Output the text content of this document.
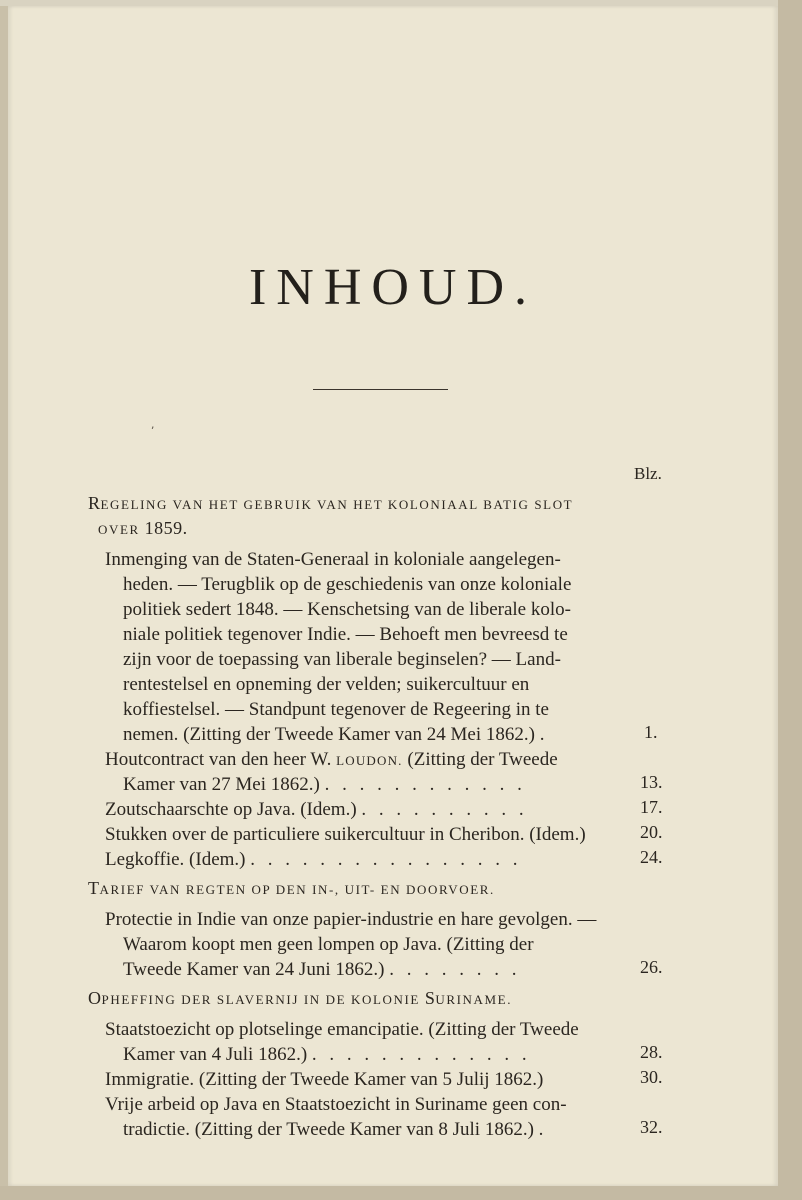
INHOUD.
’
Blz.
REGELING VAN HET GEBRUIK VAN HET KOLONIAAL BATIG SLOT
OVER 1859.
Inmenging van de Staten-Generaal in koloniale aangelegen-
heden. — Terugblik op de geschiedenis van onze koloniale
politiek sedert 1848. — Kenschetsing van de liberale kolo-
niale politiek tegenover Indie. — Behoeft men bevreesd te
zijn voor de toepassing van liberale beginselen? — Land-
rentestelsel en opneming der velden; suikercultuur en
koffiestelsel. — Standpunt tegenover de Regeering in te
nemen. (Zitting der Tweede Kamer van 24 Mei 1862.) .	1.
Houtcontract van den heer W. LOUDON. (Zitting der Tweede
Kamer van 27 Mei 1862.) . . . . . . . . . . . .	13.
Zoutschaarschte op Java. (Idem.) . . . . . . . . . .	17.
Stukken over de particuliere suikercultuur in Cheribon. (Idem.)	20.
Legkoffie. (Idem.) . . . . . . . . . . . . . . . .	24.
TARIEF VAN REGTEN OP DEN IN-, UIT- EN DOORVOER.
Protectie in Indie van onze papier-industrie en hare gevolgen. —
Waarom koopt men geen lompen op Java. (Zitting der
Tweede Kamer van 24 Juni 1862.) . . . . . . . .	26.
OPHEFFING DER SLAVERNIJ IN DE KOLONIE SURINAME.
Staatstoezicht op plotselinge emancipatie. (Zitting der Tweede
Kamer van 4 Juli 1862.) . . . . . . . . . . . . .	28.
Immigratie. (Zitting der Tweede Kamer van 5 Julij 1862.)	30.
Vrije arbeid op Java en Staatstoezicht in Suriname geen con-
tradictie. (Zitting der Tweede Kamer van 8 Juli 1862.) .	32.
